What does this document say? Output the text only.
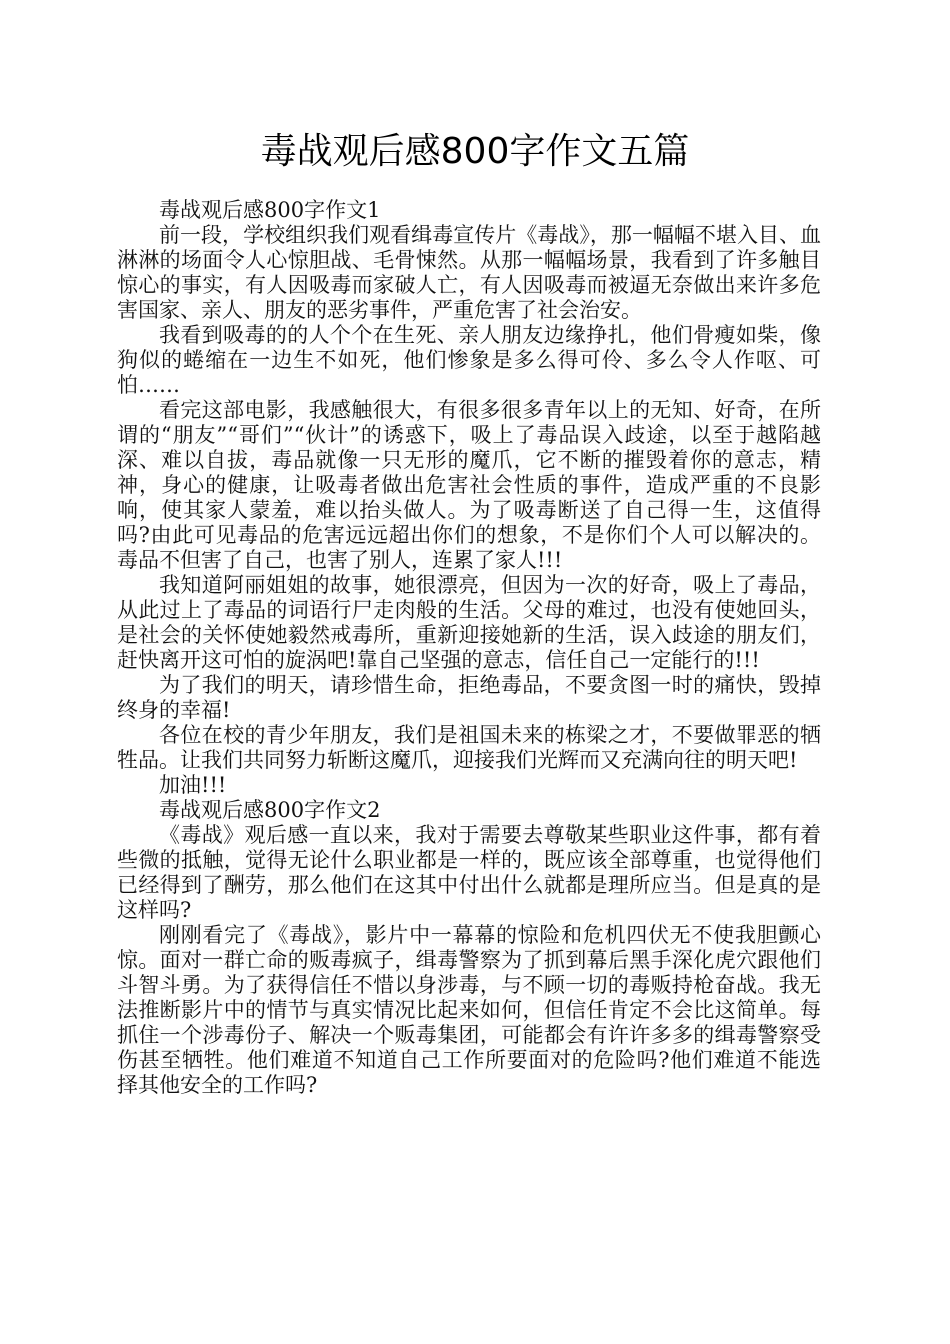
毒战观后感800字作文五篇

毒战观后感800字作文1

前一段，学校组织我们观看缉毒宣传片《毒战》，那一幅幅不堪入目、血淋淋的场面令人心惊胆战、毛骨悚然。从那一幅幅场景，我看到了许多触目惊心的事实，有人因吸毒而家破人亡，有人因吸毒而被逼无奈做出来许多危害国家、亲人、朋友的恶劣事件，严重危害了社会治安。

我看到吸毒的的人个个在生死、亲人朋友边缘挣扎，他们骨瘦如柴，像狗似的蜷缩在一边生不如死，他们惨象是多么得可伶、多么令人作呕、可怕……

看完这部电影，我感触很大，有很多很多青年以上的无知、好奇，在所谓的“朋友”“哥们”“伙计”的诱惑下，吸上了毒品误入歧途，以至于越陷越深、难以自拔，毒品就像一只无形的魔爪，它不断的摧毁着你的意志，精神，身心的健康，让吸毒者做出危害社会性质的事件，造成严重的不良影响，使其家人蒙羞，难以抬头做人。为了吸毒断送了自己得一生，这值得吗?由此可见毒品的危害远远超出你们的想象，不是你们个人可以解决的。毒品不但害了自己，也害了别人，连累了家人!!!

我知道阿丽姐姐的故事，她很漂亮，但因为一次的好奇，吸上了毒品，从此过上了毒品的词语行尸走肉般的生活。父母的难过，也没有使她回头，是社会的关怀使她毅然戒毒所，重新迎接她新的生活，误入歧途的朋友们，赶快离开这可怕的旋涡吧!靠自己坚强的意志，信任自己一定能行的!!!

为了我们的明天，请珍惜生命，拒绝毒品，不要贪图一时的痛快，毁掉终身的幸福!

各位在校的青少年朋友，我们是祖国未来的栋梁之才，不要做罪恶的牺牲品。让我们共同努力斩断这魔爪，迎接我们光辉而又充满向往的明天吧!

加油!!!

毒战观后感800字作文2

《毒战》观后感一直以来，我对于需要去尊敬某些职业这件事，都有着些微的抵触，觉得无论什么职业都是一样的，既应该全部尊重，也觉得他们已经得到了酬劳，那么他们在这其中付出什么就都是理所应当。但是真的是这样吗?

刚刚看完了《毒战》，影片中一幕幕的惊险和危机四伏无不使我胆颤心惊。面对一群亡命的贩毒疯子，缉毒警察为了抓到幕后黑手深化虎穴跟他们斗智斗勇。为了获得信任不惜以身涉毒，与不顾一切的毒贩持枪奋战。我无法推断影片中的情节与真实情况比起来如何，但信任肯定不会比这简单。每抓住一个涉毒份子、解决一个贩毒集团，可能都会有许许多多的缉毒警察受伤甚至牺牲。他们难道不知道自己工作所要面对的危险吗?他们难道不能选择其他安全的工作吗?
